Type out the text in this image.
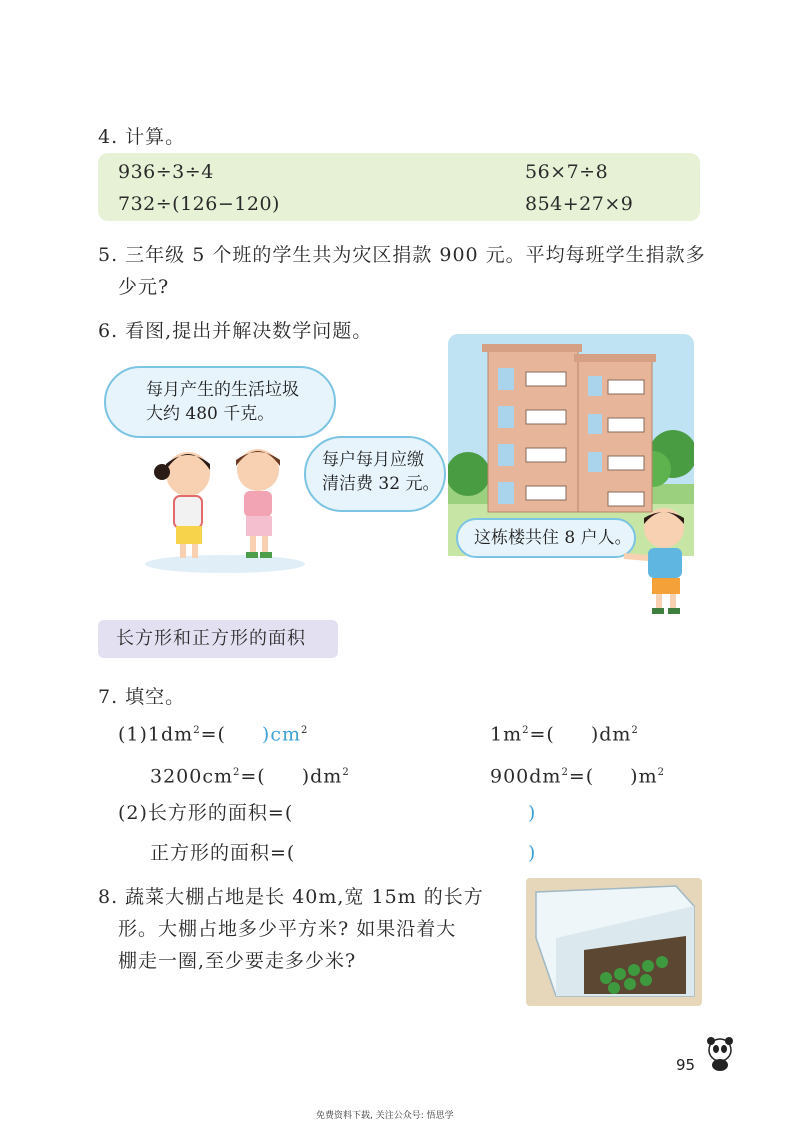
4. 计算。
936÷3÷4	56×7÷8
732÷(126−120)	854+27×9
5. 三年级 5 个班的学生共为灾区捐款 900 元。平均每班学生捐款多
少元?
6. 看图,提出并解决数学问题。
每月产生的生活垃圾
大约 480 千克。
每户每月应缴
清洁费 32 元。
这栋楼共住 8 户人。
长方形和正方形的面积
7. 填空。
$(1)1dm^2=$( )$cm^2$	$1m^2=$( )$dm^2$
$3200cm^2=$( )$dm^2$	$900dm^2=$( )$m^2$
(2)长方形的面积=(	)
正方形的面积=(	)
8. 蔬菜大棚占地是长 40m,宽 15m 的长方
形。大棚占地多少平方米? 如果沿着大
棚走一圈,至少要走多少米?
95
免费资料下载, 关注公众号: 悟思学
